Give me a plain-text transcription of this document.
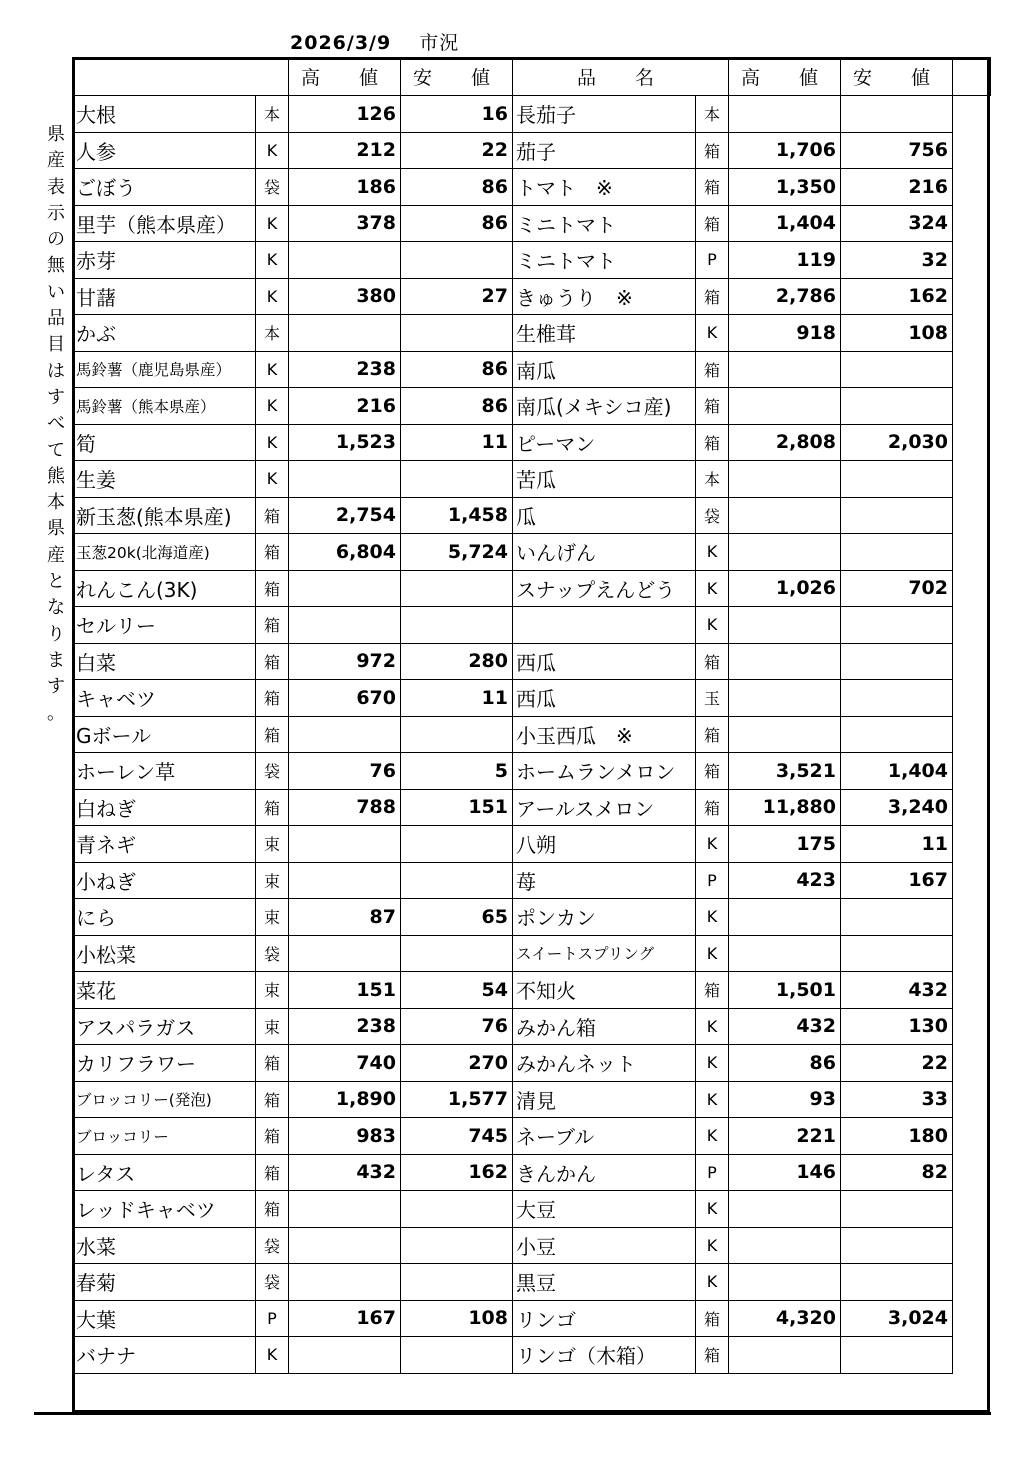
2026/3/9 市況
県
産
表
示
の
無
い
品
目
は
す
べ
て
熊
本
県
産
と
な
り
ま
す
。
		高　値	安　値	品　名		高　値	安　値	
大根	本	126	16	長茄子	本			
人参	K	212	22	茄子	箱	1,706	756	
ごぼう	袋	186	86	トマト　※	箱	1,350	216	
里芋（熊本県産）	K	378	86	ミニトマト	箱	1,404	324	
赤芽	K			ミニトマト	P	119	32	
甘藷	K	380	27	きゅうり　※	箱	2,786	162	
かぶ	本			生椎茸	K	918	108	
馬鈴薯（鹿児島県産）	K	238	86	南瓜	箱			
馬鈴薯（熊本県産）	K	216	86	南瓜(メキシコ産)	箱			
筍	K	1,523	11	ピーマン	箱	2,808	2,030	
生姜	K			苦瓜	本			
新玉葱(熊本県産)	箱	2,754	1,458	瓜	袋			
玉葱20k(北海道産)	箱	6,804	5,724	いんげん	K			
れんこん(3K)	箱			スナップえんどう	K	1,026	702	
セルリー	箱				K			
白菜	箱	972	280	西瓜	箱			
キャベツ	箱	670	11	西瓜	玉			
Gボール	箱			小玉西瓜　※	箱			
ホーレン草	袋	76	5	ホームランメロン	箱	3,521	1,404	
白ねぎ	箱	788	151	アールスメロン	箱	11,880	3,240	
青ネギ	束			八朔	K	175	11	
小ねぎ	束			苺	P	423	167	
にら	束	87	65	ポンカン	K			
小松菜	袋			スイートスプリング	K			
菜花	束	151	54	不知火	箱	1,501	432	
アスパラガス	束	238	76	みかん箱	K	432	130	
カリフラワー	箱	740	270	みかんネット	K	86	22	
ブロッコリー(発泡)	箱	1,890	1,577	清見	K	93	33	
ブロッコリー	箱	983	745	ネーブル	K	221	180	
レタス	箱	432	162	きんかん	P	146	82	
レッドキャベツ	箱			大豆	K			
水菜	袋			小豆	K			
春菊	袋			黒豆	K			
大葉	P	167	108	リンゴ	箱	4,320	3,024	
バナナ	K			リンゴ（木箱）	箱			
